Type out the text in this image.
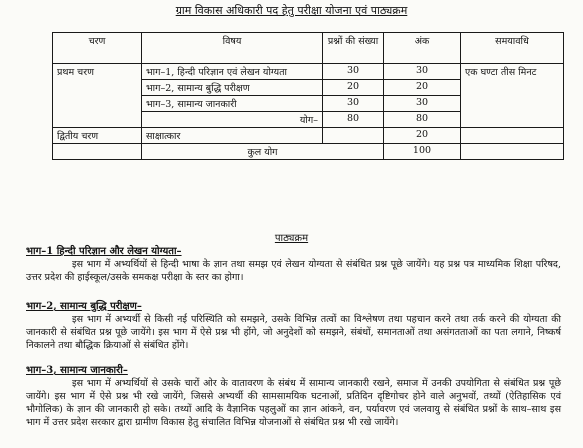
ग्राम विकास अधिकारी पद हेतु परीक्षा योजना एवं पाठ्यक्रम
चरण	विषय	प्रश्नों की संख्या	अंक	समयावधि
प्रथम चरण	भाग–1, हिन्दी परिज्ञान एवं लेखन योग्यता	30	30	एक घण्टा तीस मिनट
	भाग–2, सामान्य बुद्धि परीक्षण	20	20	
	भाग–3, सामान्य जानकारी	30	30	
	योग–	80	80	
द्वितीय चरण	साक्षात्कार		20	
	कुल योग		100	
पाठ्यक्रम
भाग–1 हिन्दी परिज्ञान और लेखन योग्यता–

इस भाग में अभ्यर्थियों से हिन्दी भाषा के ज्ञान तथा समझ एवं लेखन योग्यता से संबंधित प्रश्न पूछे जायेंगे। यह प्रश्न पत्र माध्यमिक शिक्षा परिषद, उत्तर प्रदेश की हाईस्कूल/उसके समकक्ष परीक्षा के स्तर का होगा।

भाग–2, सामान्य बुद्धि परीक्षण–

इस भाग में अभ्यर्थी से किसी नई परिस्थिति को समझने, उसके विभिन्न तत्वों का विश्लेषण तथा पहचान करने तथा तर्क करने की योग्यता की जानकारी से संबंधित प्रश्न पूछे जायेंगे। इस भाग में ऐसे प्रश्न भी होंगे, जो अनुदेशों को समझने, संबंधों, समानताओं तथा असंगतताओं का पता लगाने, निष्कर्ष निकालने तथा बौद्धिक क्रियाओं से संबंधित होंगे।

भाग–3, सामान्य जानकारी–

इस भाग में अभ्यर्थियों से उसके चारों ओर के वातावरण के संबंध में सामान्य जानकारी रखने, समाज में उनकी उपयोगिता से संबंधित प्रश्न पूछे जायेंगे। इस भाग में ऐसे प्रश्न भी रखे जायेंगे, जिससे अभ्यर्थी की सामसामयिक घटनाओं, प्रतिदिन दृष्टिगोचर होने वाले अनुभवों, तथ्यों (ऐतिहासिक एवं भौगोलिक) के ज्ञान की जानकारी हो सके। तथ्यों आदि के वैज्ञानिक पहलुओं का ज्ञान आंकने, वन, पर्यावरण एवं जलवायु से संबंधित प्रश्नों के साथ–साथ इस भाग में उत्तर प्रदेश सरकार द्वारा ग्रामीण विकास हेतु संचालित विभिन्न योजनाओं से संबंधित प्रश्न भी रखे जायेंगे।
